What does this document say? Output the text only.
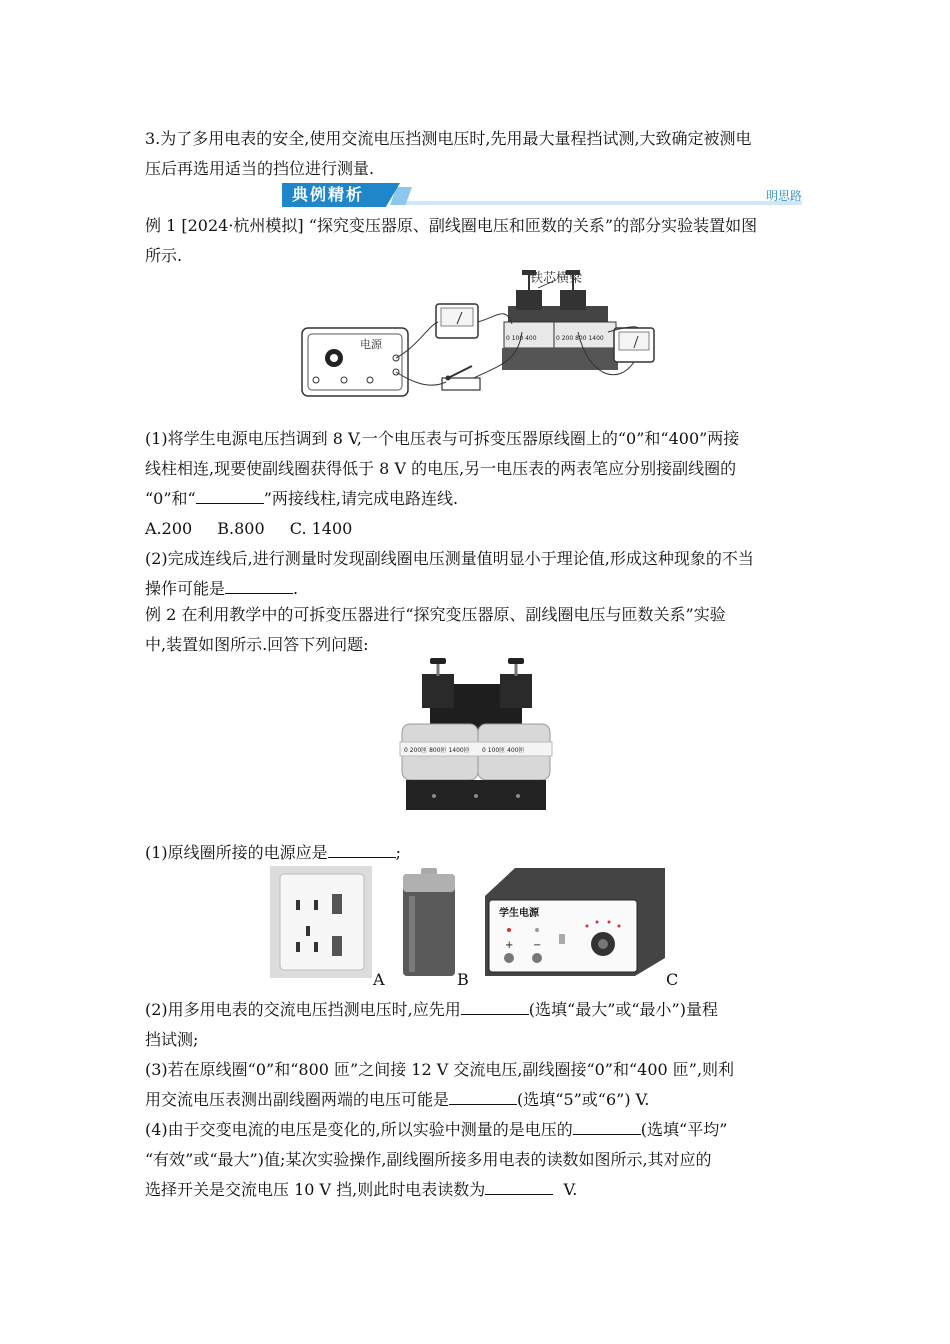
3.为了多用电表的安全,使用交流电压挡测电压时,先用最大量程挡试测,大致确定被测电
压后再选用适当的挡位进行测量.
典例精析	明思路
例 1 [2024·杭州模拟] “探究变压器原、副线圈电压和匝数的关系”的部分实验装置如图
所示.
电源	0 100 400	0 200 800 1400
铁芯横梁
(1)将学生电源电压挡调到 8 V,一个电压表与可拆变压器原线圈上的“0”和“400”两接
线柱相连,现要使副线圈获得低于 8 V 的电压,另一电压表的两表笔应分别接副线圈的
“0”和“	”两接线柱,请完成电路连线.
A.200 B.800 C. 1400
(2)完成连线后,进行测量时发现副线圈电压测量值明显小于理论值,形成这种现象的不当
操作可能是	.
例 2 在利用教学中的可拆变压器进行“探究变压器原、副线圈电压与匝数关系”实验
中,装置如图所示.回答下列问题:
0 200匝 800匝 1400匝 0 100匝 400匝
(1)原线圈所接的电源应是	;
A	B
学生电源
+ −
C
(2)用多用电表的交流电压挡测电压时,应先用	(选填“最大”或“最小”)量程
挡试测;
(3)若在原线圈“0”和“800 匝”之间接 12 V 交流电压,副线圈接“0”和“400 匝”,则利
用交流电压表测出副线圈两端的电压可能是	(选填“5”或“6”) V.
(4)由于交变电流的电压是变化的,所以实验中测量的是电压的	(选填“平均”
“有效”或“最大”)值;某次实验操作,副线圈所接多用电表的读数如图所示,其对应的
选择开关是交流电压 10 V 挡,则此时电表读数为	V.
